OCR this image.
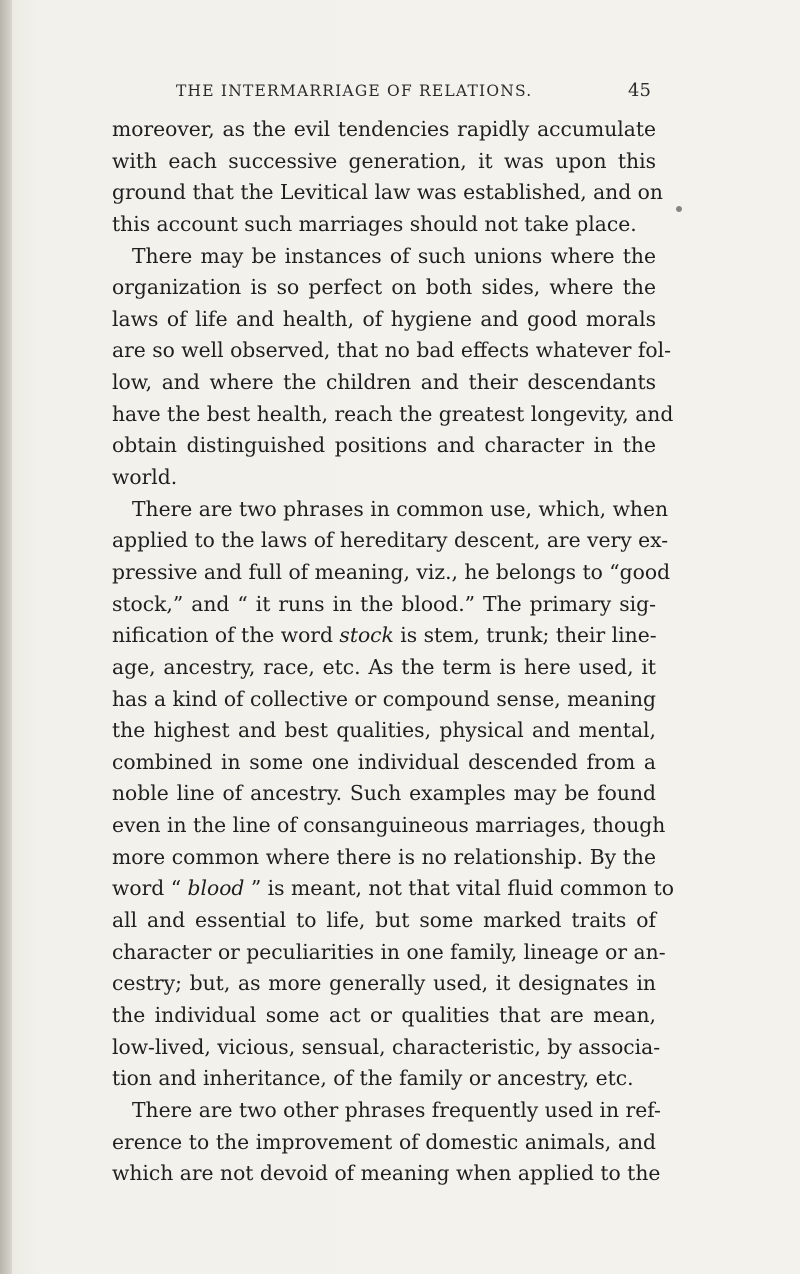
THE INTERMARRIAGE OF RELATIONS.	45
moreover, as the evil tendencies rapidly accumulate
with each successive generation, it was upon this
ground that the Levitical law was established, and on
this account such marriages should not take place.
There may be instances of such unions where the
organization is so perfect on both sides, where the
laws of life and health, of hygiene and good morals
are so well observed, that no bad effects whatever fol-
low, and where the children and their descendants
have the best health, reach the greatest longevity, and
obtain distinguished positions and character in the
world.
There are two phrases in common use, which, when
applied to the laws of hereditary descent, are very ex-
pressive and full of meaning, viz., he belongs to “good
stock,” and “ it runs in the blood.” The primary sig-
nification of the word stock is stem, trunk; their line-
age, ancestry, race, etc. As the term is here used, it
has a kind of collective or compound sense, meaning
the highest and best qualities, physical and mental,
combined in some one individual descended from a
noble line of ancestry. Such examples may be found
even in the line of consanguineous marriages, though
more common where there is no relationship. By the
word “ blood ” is meant, not that vital fluid common to
all and essential to life, but some marked traits of
character or peculiarities in one family, lineage or an-
cestry; but, as more generally used, it designates in
the individual some act or qualities that are mean,
low-lived, vicious, sensual, characteristic, by associa-
tion and inheritance, of the family or ancestry, etc.
There are two other phrases frequently used in ref-
erence to the improvement of domestic animals, and
which are not devoid of meaning when applied to the
